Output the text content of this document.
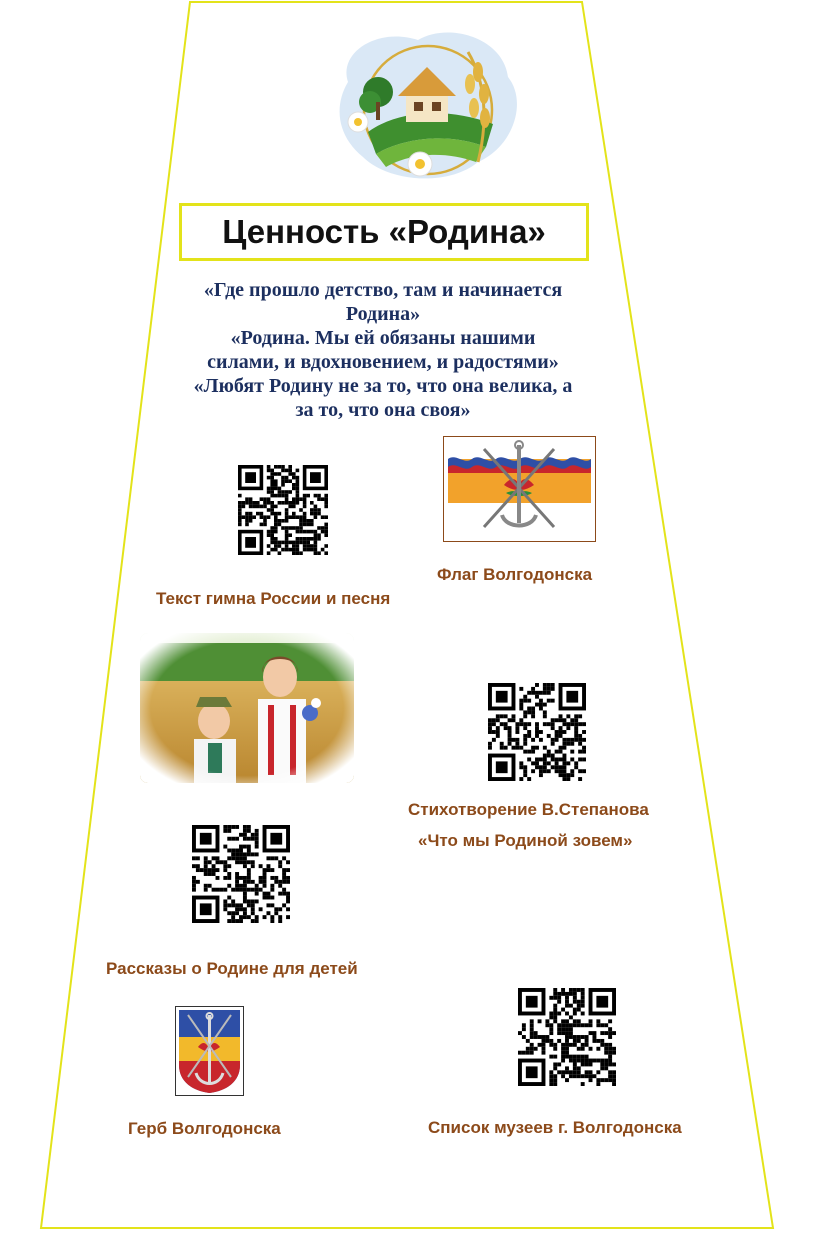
Ценность «Родина»
«Где прошло детство, там и начинается
Родина»
«Родина. Мы ей обязаны нашими
силами, и вдохновением, и радостями»
«Любят Родину не за то, что она велика, а
за то, что она своя»
Текст гимна России и песня
Флаг Волгодонска
Стихотворение В.Степанова
«Что мы Родиной зовем»
Рассказы о Родине для детей
Герб Волгодонска	Список музеев г. Волгодонска
